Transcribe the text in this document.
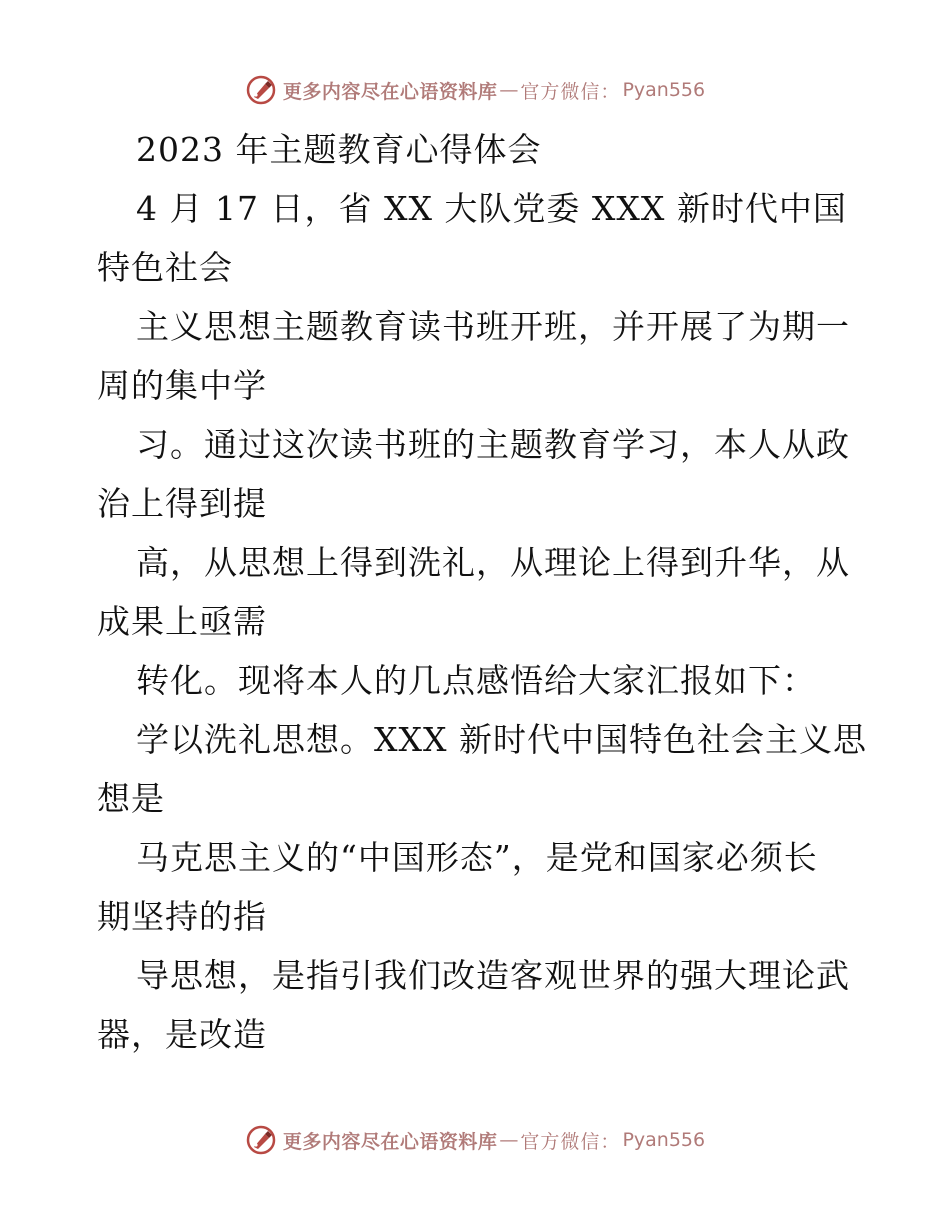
更多内容尽在心语资料库 — 官方微信： Pyan556
2023 年主题教育心得体会
4 月 17 日，省 XX 大队党委 XXX 新时代中国
特色社会
主义思想主题教育读书班开班，并开展了为期一
周的集中学
习。通过这次读书班的主题教育学习，本人从政
治上得到提
高，从思想上得到洗礼，从理论上得到升华，从
成果上亟需
转化。现将本人的几点感悟给大家汇报如下：
学以洗礼思想。XXX 新时代中国特色社会主义思
想是
马克思主义的“中国形态”，是党和国家必须长
期坚持的指
导思想，是指引我们改造客观世界的强大理论武
器，是改造
更多内容尽在心语资料库 — 官方微信： Pyan556
